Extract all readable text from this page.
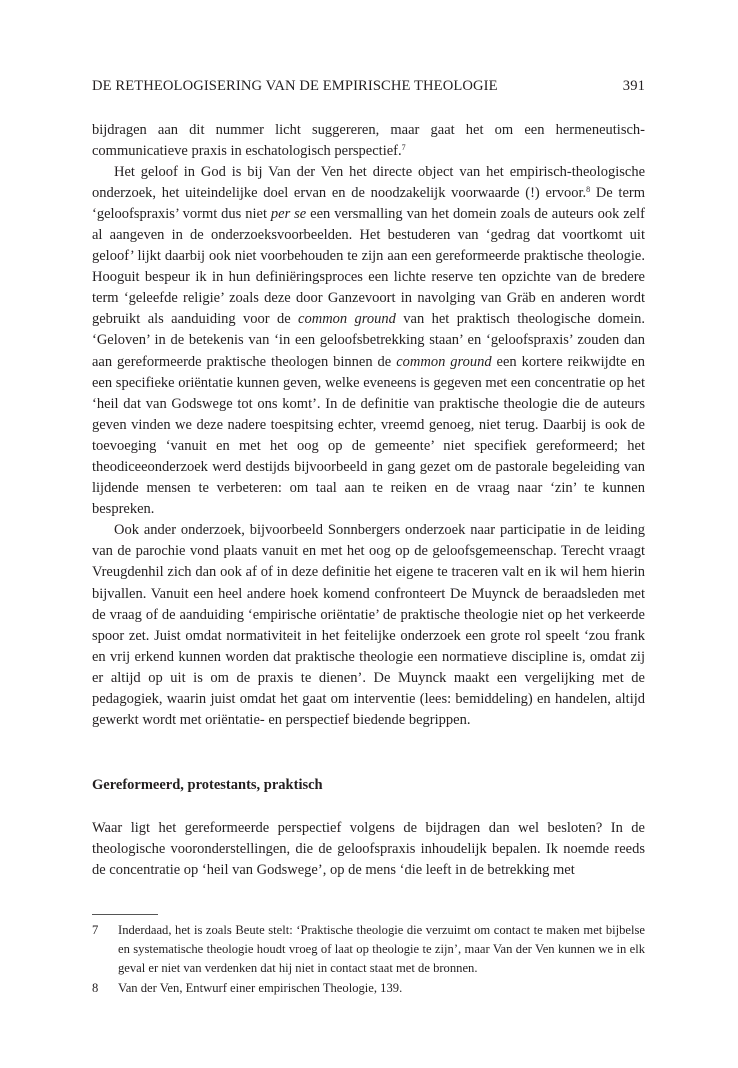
DE RETHEOLOGISERING VAN DE EMPIRISCHE THEOLOGIE	391

bijdragen aan dit nummer licht suggereren, maar gaat het om een hermeneutisch-communicatieve praxis in eschatologisch perspectief.$^7$

Het geloof in God is bij Van der Ven het directe object van het empirisch-theologische onderzoek, het uiteindelijke doel ervan en de noodzakelijk voorwaarde (!) ervoor.$^8$ De term ‘geloofspraxis’ vormt dus niet per se een versmalling van het domein zoals de auteurs ook zelf al aangeven in de onderzoeksvoorbeelden. Het bestuderen van ‘gedrag dat voortkomt uit geloof’ lijkt daarbij ook niet voorbehouden te zijn aan een gereformeerde praktische theologie. Hooguit bespeur ik in hun definiëringsproces een lichte reserve ten opzichte van de bredere term ‘geleefde religie’ zoals deze door Ganzevoort in navolging van Gräb en anderen wordt gebruikt als aanduiding voor de common ground van het praktisch theologische domein. ‘Geloven’ in de betekenis van ‘in een geloofsbetrekking staan’ en ‘geloofspraxis’ zouden dan aan gereformeerde praktische theologen binnen de common ground een kortere reikwijdte en een specifieke oriëntatie kunnen geven, welke eveneens is gegeven met een concentratie op het ‘heil dat van Godswege tot ons komt’. In de definitie van praktische theologie die de auteurs geven vinden we deze nadere toespitsing echter, vreemd genoeg, niet terug. Daarbij is ook de toevoeging ‘vanuit en met het oog op de gemeente’ niet specifiek gereformeerd; het theodiceeonderzoek werd destijds bijvoorbeeld in gang gezet om de pastorale begeleiding van lijdende mensen te verbeteren: om taal aan te reiken en de vraag naar ‘zin’ te kunnen bespreken.

Ook ander onderzoek, bijvoorbeeld Sonnbergers onderzoek naar participatie in de leiding van de parochie vond plaats vanuit en met het oog op de geloofsgemeenschap. Terecht vraagt Vreugdenhil zich dan ook af of in deze definitie het eigene te traceren valt en ik wil hem hierin bijvallen. Vanuit een heel andere hoek komend confronteert De Muynck de beraadsleden met de vraag of de aanduiding ‘empirische oriëntatie’ de praktische theologie niet op het verkeerde spoor zet. Juist omdat normativiteit in het feitelijke onderzoek een grote rol speelt ‘zou frank en vrij erkend kunnen worden dat praktische theologie een normatieve discipline is, omdat zij er altijd op uit is om de praxis te dienen’. De Muynck maakt een vergelijking met de pedagogiek, waarin juist omdat het gaat om interventie (lees: bemiddeling) en handelen, altijd gewerkt wordt met oriëntatie- en perspectief biedende begrippen.

Gereformeerd, protestants, praktisch

Waar ligt het gereformeerde perspectief volgens de bijdragen dan wel besloten? In de theologische vooronderstellingen, die de geloofspraxis inhoudelijk bepalen. Ik noemde reeds de concentratie op ‘heil van Godswege’, op de mens ‘die leeft in de betrekking met

7 Inderdaad, het is zoals Beute stelt: ‘Praktische theologie die verzuimt om contact te maken met bijbelse en systematische theologie houdt vroeg of laat op theologie te zijn’, maar Van der Ven kunnen we in elk geval er niet van verdenken dat hij niet in contact staat met de bronnen.
8 Van der Ven, Entwurf einer empirischen Theologie, 139.
